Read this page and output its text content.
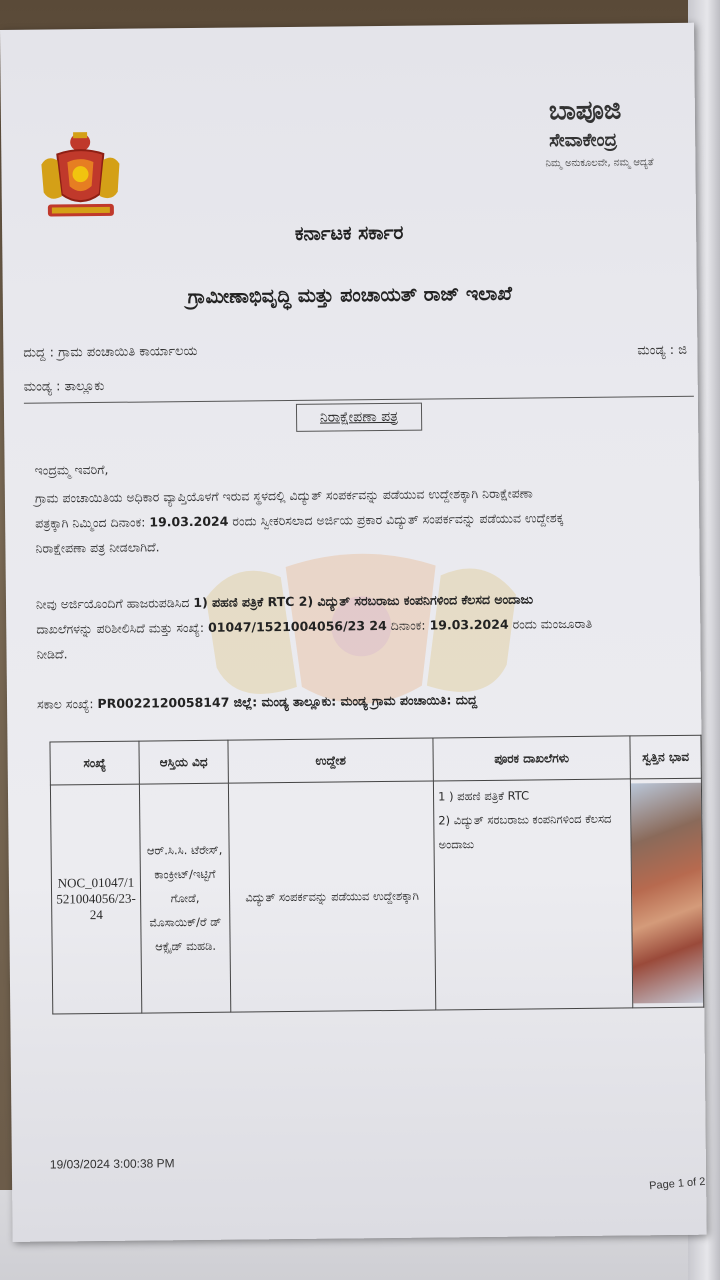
ಬಾಪೂಜಿ
ಸೇವಾಕೇಂದ್ರ
ನಿಮ್ಮ ಅನುಕೂಲವೇ, ನಮ್ಮ ಆದ್ಯತೆ
ಕರ್ನಾಟಕ ಸರ್ಕಾರ
ಗ್ರಾಮೀಣಾಭಿವೃದ್ಧಿ ಮತ್ತು ಪಂಚಾಯತ್ ರಾಜ್ ಇಲಾಖೆ
ದುದ್ದ : ಗ್ರಾಮ ಪಂಚಾಯಿತಿ ಕಾರ್ಯಾಲಯ	ಮಂಡ್ಯ : ಜಿ
ಮಂಡ್ಯ : ತಾಲ್ಲೂಕು
ನಿರಾಕ್ಷೇಪಣಾ ಪತ್ರ
ಇಂದ್ರಮ್ಮ ಇವರಿಗೆ,
ಗ್ರಾಮ ಪಂಚಾಯಿತಿಯ ಅಧಿಕಾರ ವ್ಯಾಪ್ತಿಯೊಳಗೆ ಇರುವ ಸ್ಥಳದಲ್ಲಿ ವಿದ್ಯುತ್ ಸಂಪರ್ಕವನ್ನು ಪಡೆಯುವ ಉದ್ದೇಶಕ್ಕಾಗಿ ನಿರಾಕ್ಷೇಪಣಾ
ಪತ್ರಕ್ಕಾಗಿ ನಿಮ್ಮಿಂದ ದಿನಾಂಕ: 19.03.2024 ರಂದು ಸ್ವೀಕರಿಸಲಾದ ಅರ್ಜಿಯ ಪ್ರಕಾರ ವಿದ್ಯುತ್ ಸಂಪರ್ಕವನ್ನು ಪಡೆಯುವ ಉದ್ದೇಶಕ್ಕ
ನಿರಾಕ್ಷೇಪಣಾ ಪತ್ರ ನೀಡಲಾಗಿದೆ.
ನೀವು ಅರ್ಜಿಯೊಂದಿಗೆ ಹಾಜರುಪಡಿಸಿದ 1) ಪಹಣಿ ಪತ್ರಿಕೆ RTC 2) ವಿದ್ಯುತ್ ಸರಬರಾಜು ಕಂಪನಿಗಳಿಂದ ಕೆಲಸದ ಅಂದಾಜು
ದಾಖಲೆಗಳನ್ನು ಪರಿಶೀಲಿಸಿದೆ ಮತ್ತು ಸಂಖ್ಯೆ: 01047/1521004056/23 24 ದಿನಾಂಕ: 19.03.2024 ರಂದು ಮಂಜೂರಾತಿ
ನೀಡಿದೆ.
ಸಕಾಲ ಸಂಖ್ಯೆ: PR0022120058147 ಜಿಲ್ಲೆ: ಮಂಡ್ಯ ತಾಲ್ಲೂಕು: ಮಂಡ್ಯ ಗ್ರಾಮ ಪಂಚಾಯಿತಿ: ದುದ್ದ
ಸಂಖ್ಯೆ	ಆಸ್ತಿಯ ವಿಧ	ಉದ್ದೇಶ	ಪೂರಕ ದಾಖಲೆಗಳು	ಸ್ವತ್ತಿನ ಭಾವ
NOC_01047/1 521004056/23- 24	ಆರ್.ಸಿ.ಸಿ. ಟೆರೇಸ್, ಕಾಂಕ್ರೀಟ್/ಇಟ್ಟಿಗೆ ಗೋಡೆ, ಮೊಸಾಯಿಕ್/ರೆ ಡ್ ಆಕ್ಸೈಡ್ ಮಹಡಿ.	ವಿದ್ಯುತ್ ಸಂಪರ್ಕವನ್ನು ಪಡೆಯುವ ಉದ್ದೇಶಕ್ಕಾಗಿ	1 ) ಪಹಣಿ ಪತ್ರಿಕೆ RTC
2) ವಿದ್ಯುತ್ ಸರಬರಾಜು ಕಂಪನಿಗಳಿಂದ ಕೆಲಸದ ಅಂದಾಜು	

19/03/2024 3:00:38 PM
Page 1 of 2
